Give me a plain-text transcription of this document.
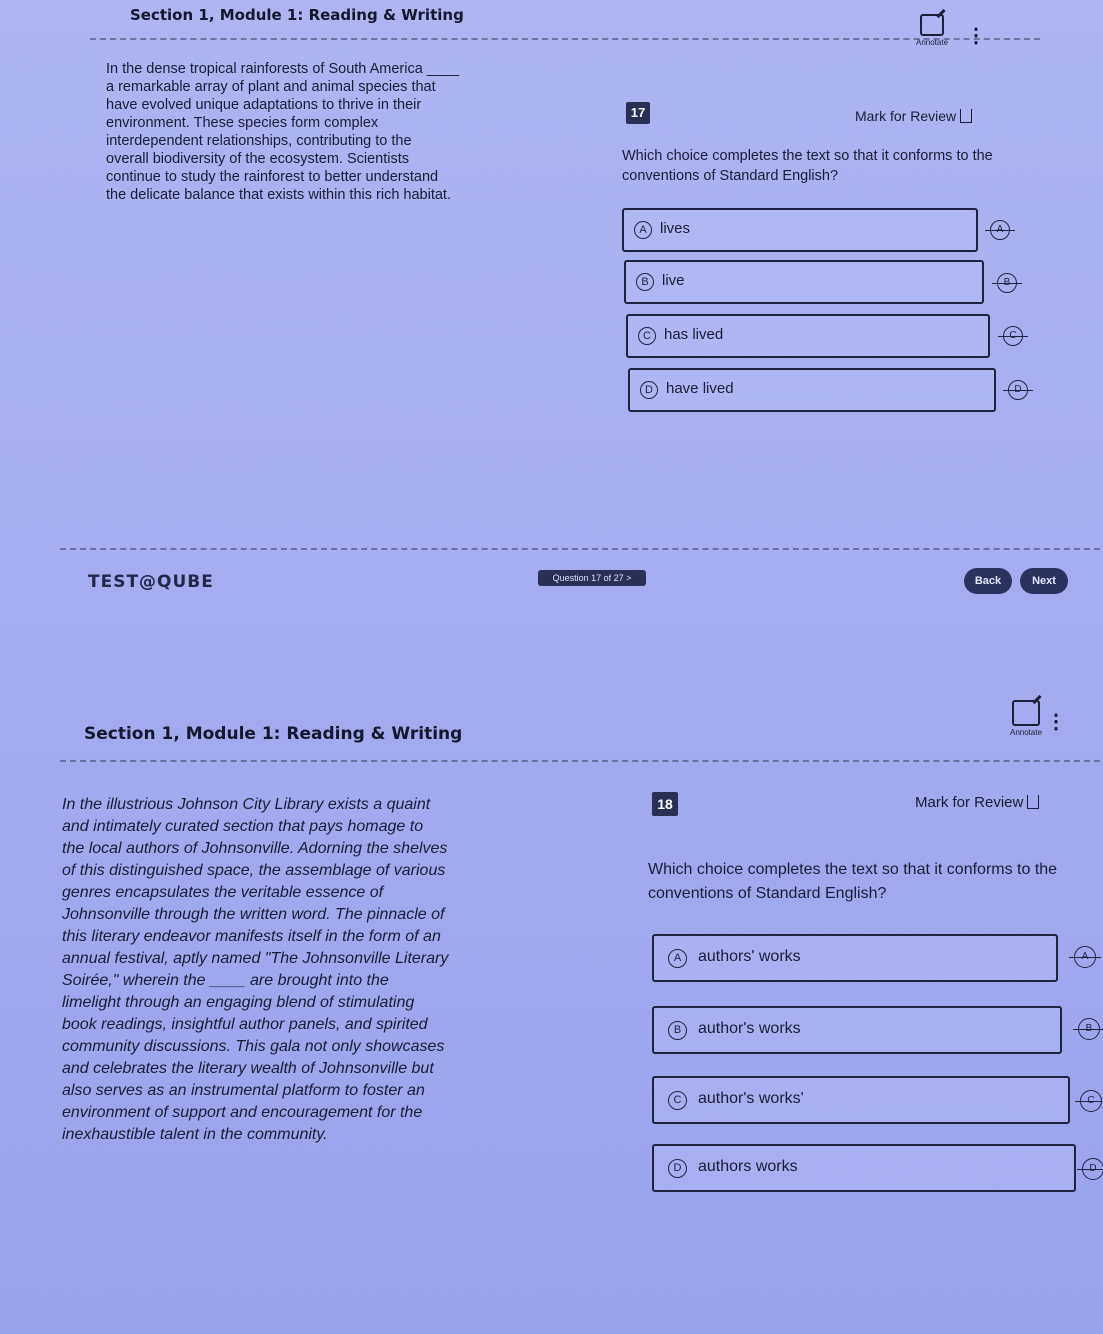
Section 1, Module 1: Reading & Writing
Annotate ⋮
In the dense tropical rainforests of South America ____
a remarkable array of plant and animal species that
have evolved unique adaptations to thrive in their
environment. These species form complex
interdependent relationships, contributing to the
overall biodiversity of the ecosystem. Scientists
continue to study the rainforest to better understand
the delicate balance that exists within this rich habitat.
17	Mark for Review
Which choice completes the text so that it conforms to the conventions of Standard English?
A lives	A
B live	B
C has lived	C
D have lived	D
TEST@QUBE	Question 17 of 27 >	Back	Next
Section 1, Module 1: Reading & Writing	Annotate ⋮
In the illustrious Johnson City Library exists a quaint
and intimately curated section that pays homage to
the local authors of Johnsonville. Adorning the shelves
of this distinguished space, the assemblage of various
genres encapsulates the veritable essence of
Johnsonville through the written word. The pinnacle of
this literary endeavor manifests itself in the form of an
annual festival, aptly named "The Johnsonville Literary
Soirée," wherein the ____ are brought into the
limelight through an engaging blend of stimulating
book readings, insightful author panels, and spirited
community discussions. This gala not only showcases
and celebrates the literary wealth of Johnsonville but
also serves as an instrumental platform to foster an
environment of support and encouragement for the
inexhaustible talent in the community.
18	Mark for Review
Which choice completes the text so that it conforms to the conventions of Standard English?
A	authors' works	A
B	author's works	B
C	author's works'	C
D	authors works	D
